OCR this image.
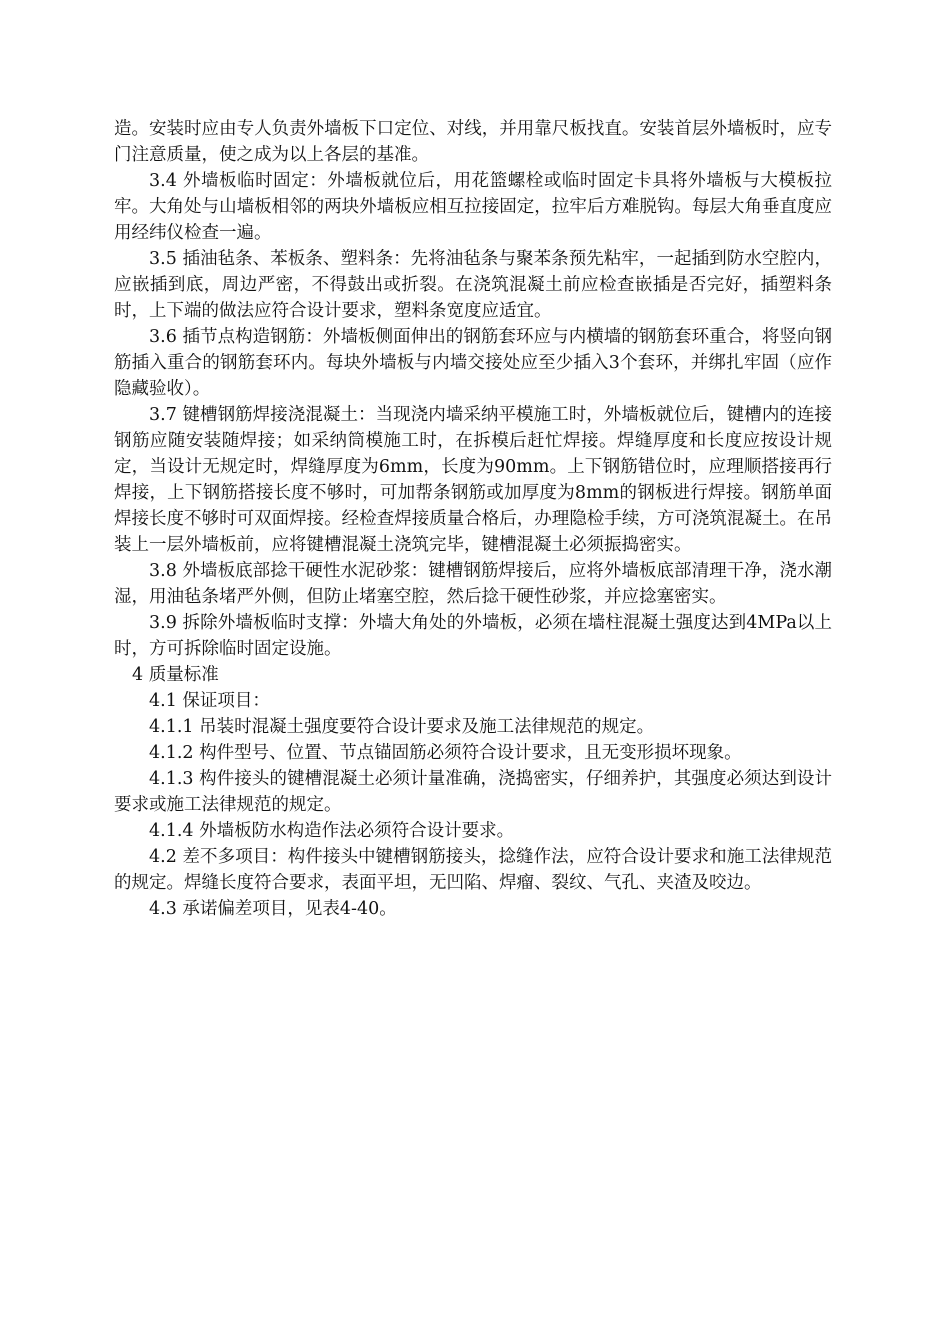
造。安装时应由专人负责外墙板下口定位、对线，并用靠尺板找直。安装首层外墙板时，应专门注意质量，使之成为以上各层的基准。

3.4 外墙板临时固定：外墙板就位后，用花篮螺栓或临时固定卡具将外墙板与大模板拉牢。大角处与山墙板相邻的两块外墙板应相互拉接固定，拉牢后方难脱钩。每层大角垂直度应用经纬仪检查一遍。

3.5 插油毡条、苯板条、塑料条：先将油毡条与聚苯条预先粘牢，一起插到防水空腔内，应嵌插到底，周边严密，不得鼓出或折裂。在浇筑混凝土前应检查嵌插是否完好，插塑料条时，上下端的做法应符合设计要求，塑料条宽度应适宜。

3.6 插节点构造钢筋：外墙板侧面伸出的钢筋套环应与内横墙的钢筋套环重合，将竖向钢筋插入重合的钢筋套环内。每块外墙板与内墙交接处应至少插入3个套环，并绑扎牢固（应作隐藏验收）。

3.7 键槽钢筋焊接浇混凝土：当现浇内墙采纳平模施工时，外墙板就位后，键槽内的连接钢筋应随安装随焊接；如采纳筒模施工时，在拆模后赶忙焊接。焊缝厚度和长度应按设计规定，当设计无规定时，焊缝厚度为6mm，长度为90mm。上下钢筋错位时，应理顺搭接再行焊接，上下钢筋搭接长度不够时，可加帮条钢筋或加厚度为8mm的钢板进行焊接。钢筋单面焊接长度不够时可双面焊接。经检查焊接质量合格后，办理隐检手续，方可浇筑混凝土。在吊装上一层外墙板前，应将键槽混凝土浇筑完毕，键槽混凝土必须振捣密实。

3.8 外墙板底部捻干硬性水泥砂浆：键槽钢筋焊接后，应将外墙板底部清理干净，浇水潮湿，用油毡条堵严外侧，但防止堵塞空腔，然后捻干硬性砂浆，并应捻塞密实。

3.9 拆除外墙板临时支撑：外墙大角处的外墙板，必须在墙柱混凝土强度达到4MPa以上时，方可拆除临时固定设施。

4 质量标准

4.1 保证项目：

4.1.1 吊装时混凝土强度要符合设计要求及施工法律规范的规定。

4.1.2 构件型号、位置、节点锚固筋必须符合设计要求，且无变形损坏现象。

4.1.3 构件接头的键槽混凝土必须计量准确，浇捣密实，仔细养护，其强度必须达到设计要求或施工法律规范的规定。

4.1.4 外墙板防水构造作法必须符合设计要求。

4.2 差不多项目：构件接头中键槽钢筋接头，捻缝作法，应符合设计要求和施工法律规范的规定。焊缝长度符合要求，表面平坦，无凹陷、焊瘤、裂纹、气孔、夹渣及咬边。

4.3 承诺偏差项目，见表4-40。
